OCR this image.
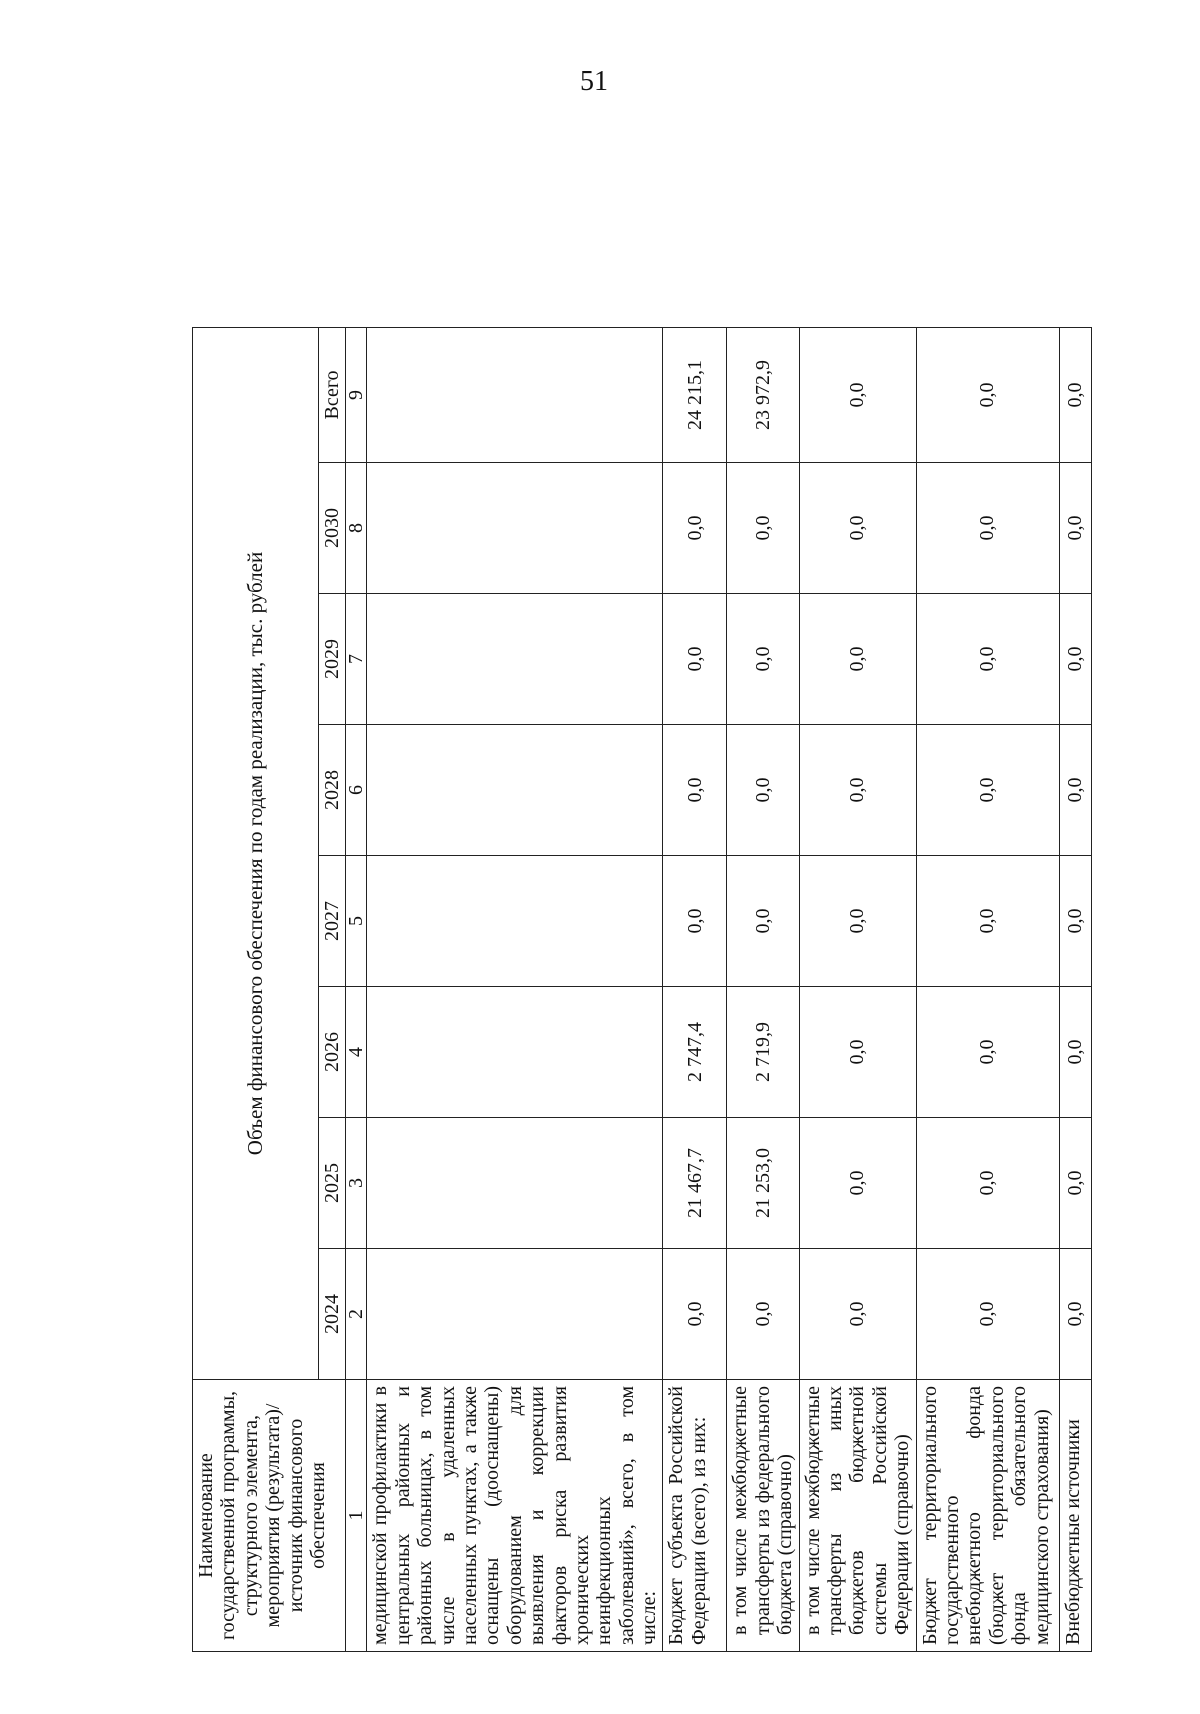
51
Наименование государственной программы, структурного элемента, мероприятия (результата)/источник финансового обеспечения	Объем финансового обеспечения по годам реализации, тыс. рублей								
	2024	2025	2026	2027	2028	2029	2030	Всего	
1	2	3	4	5	6	7	8	9	
медицинской профилактики в центральных районных и районных больницах, в том числе в удаленных населенных пунктах, а также оснащены (дооснащены) оборудованием для выявления и коррекции факторов риска развития хронических неинфекционных заболеваний», всего, в том числе:									
Бюджет субъекта Российской Федерации (всего), из них:	0,0	21 467,7	2 747,4	0,0	0,0	0,0	0,0	24 215,1	
в том числе межбюджетные трансферты из федерального бюджета (справочно)	0,0	21 253,0	2 719,9	0,0	0,0	0,0	0,0	23 972,9	
в том числе межбюджетные трансферты из иных бюджетов бюджетной системы Российской Федерации (справочно)	0,0	0,0	0,0	0,0	0,0	0,0	0,0	0,0	
Бюджет территориального государственного внебюджетного фонда (бюджет территориального фонда обязательного медицинского страхования)	0,0	0,0	0,0	0,0	0,0	0,0	0,0	0,0	
Внебюджетные источники	0,0	0,0	0,0	0,0	0,0	0,0	0,0	0,0	
